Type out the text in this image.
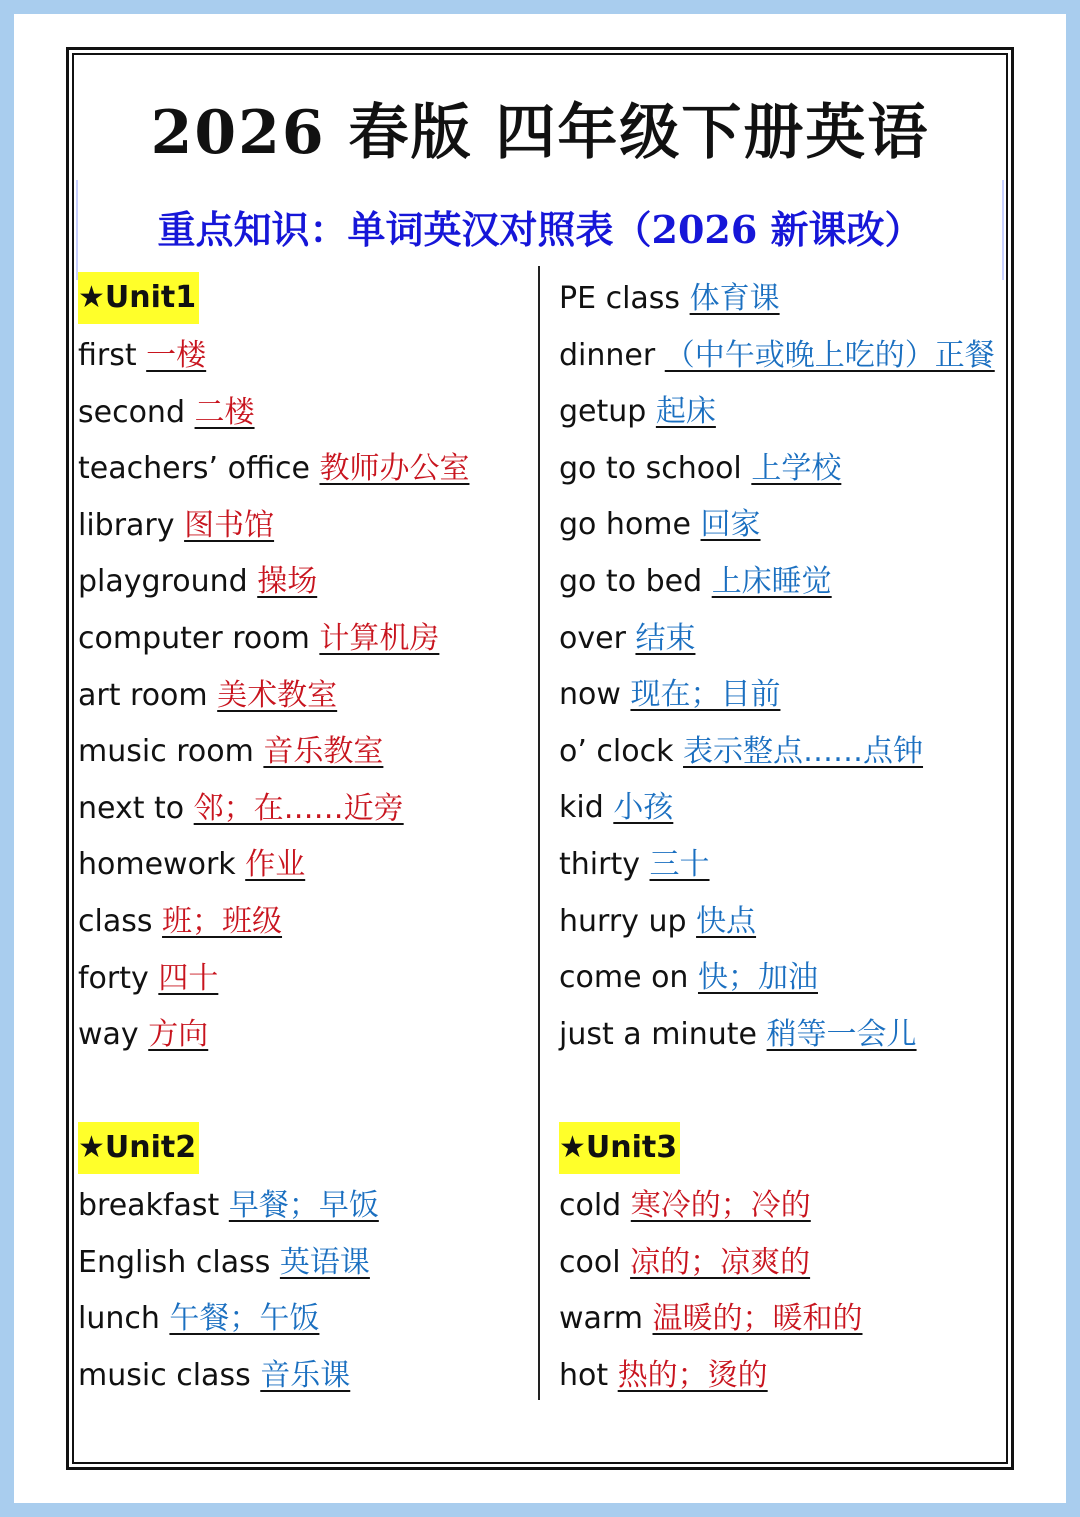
2026 春版 四年级下册英语
重点知识：单词英汉对照表（2026 新课改）
★Unit1
first 一楼
second 二楼
teachers’ office 教师办公室
library 图书馆
playground 操场
computer room 计算机房
art room 美术教室
music room 音乐教室
next to 邻；在……近旁
homework 作业
class 班；班级
forty 四十
way 方向
★Unit2
breakfast 早餐；早饭
English class 英语课
lunch 午餐；午饭
music class 音乐课
PE class 体育课
dinner （中午或晚上吃的）正餐
getup 起床
go to school 上学校
go home 回家
go to bed 上床睡觉
over 结束
now 现在；目前
o’ clock 表示整点……点钟
kid 小孩
thirty 三十
hurry up 快点
come on 快；加油
just a minute 稍等一会儿
★Unit3
cold 寒冷的；冷的
cool 凉的；凉爽的
warm 温暖的；暖和的
hot 热的；烫的
